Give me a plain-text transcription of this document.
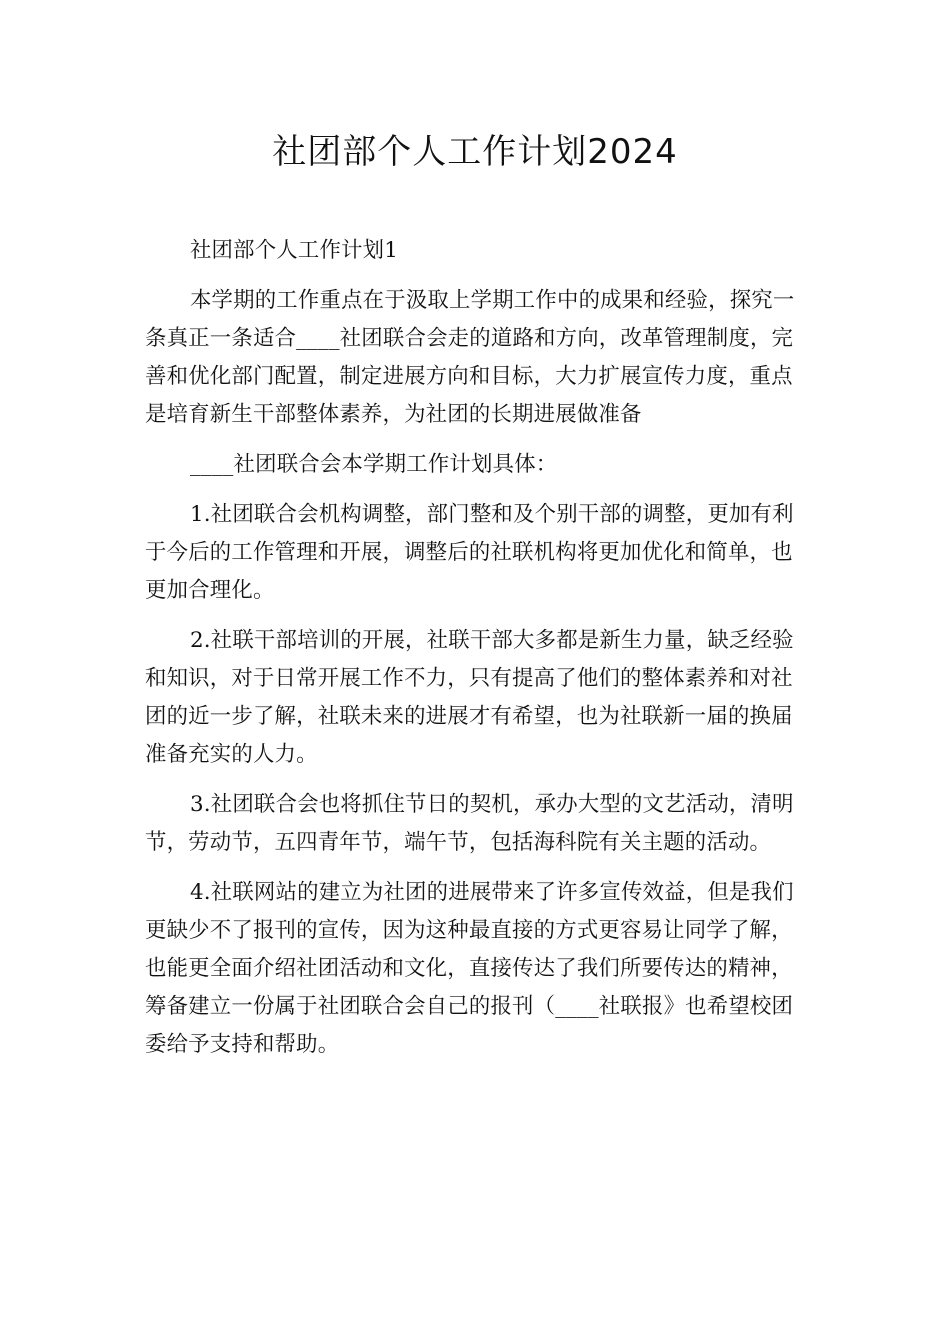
社团部个人工作计划2024

社团部个人工作计划1

本学期的工作重点在于汲取上学期工作中的成果和经验，探究一条真正一条适合____社团联合会走的道路和方向，改革管理制度，完善和优化部门配置，制定进展方向和目标，大力扩展宣传力度，重点是培育新生干部整体素养，为社团的长期进展做准备

____社团联合会本学期工作计划具体：

1.社团联合会机构调整，部门整和及个别干部的调整，更加有利于今后的工作管理和开展，调整后的社联机构将更加优化和简单，也更加合理化。

2.社联干部培训的开展，社联干部大多都是新生力量，缺乏经验和知识，对于日常开展工作不力，只有提高了他们的整体素养和对社团的近一步了解，社联未来的进展才有希望，也为社联新一届的换届准备充实的人力。

3.社团联合会也将抓住节日的契机，承办大型的文艺活动，清明节，劳动节，五四青年节，端午节，包括海科院有关主题的活动。

4.社联网站的建立为社团的进展带来了许多宣传效益，但是我们更缺少不了报刊的宣传，因为这种最直接的方式更容易让同学了解，也能更全面介绍社团活动和文化，直接传达了我们所要传达的精神，筹备建立一份属于社团联合会自己的报刊（____社联报》也希望校团委给予支持和帮助。
